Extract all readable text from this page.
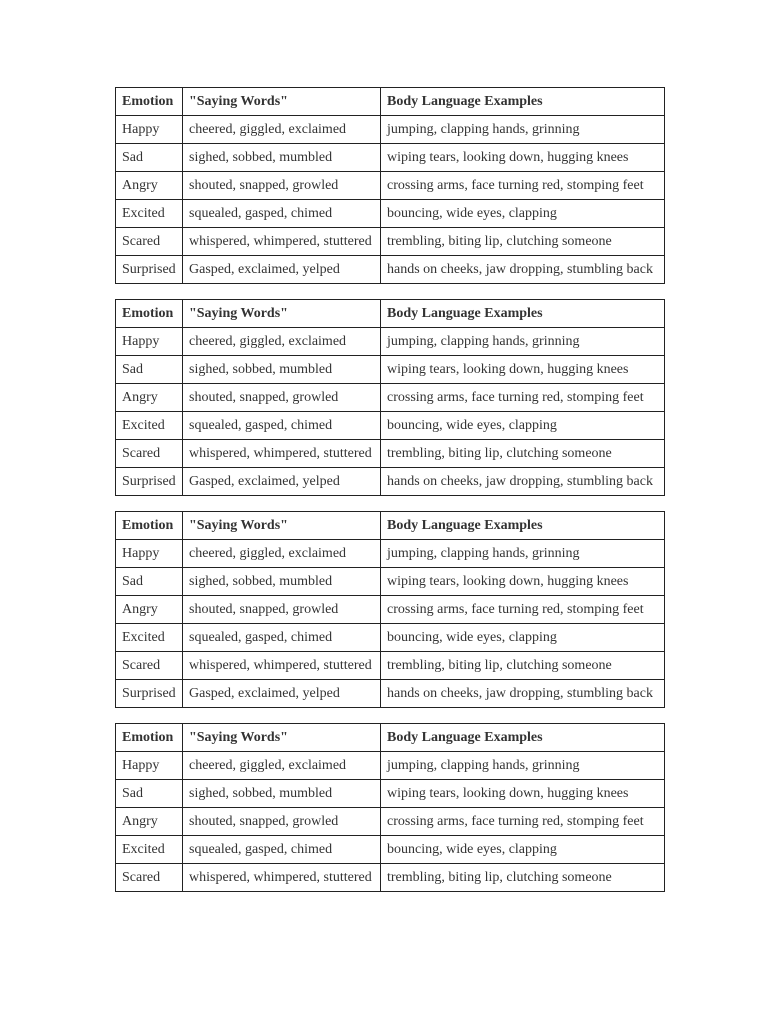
Emotion	"Saying Words"	Body Language Examples
Happy	cheered, giggled, exclaimed	jumping, clapping hands, grinning
Sad	sighed, sobbed, mumbled	wiping tears, looking down, hugging knees
Angry	shouted, snapped, growled	crossing arms, face turning red, stomping feet
Excited	squealed, gasped, chimed	bouncing, wide eyes, clapping
Scared	whispered, whimpered, stuttered	trembling, biting lip, clutching someone
Surprised	Gasped, exclaimed, yelped	hands on cheeks, jaw dropping, stumbling back
Emotion	"Saying Words"	Body Language Examples
Happy	cheered, giggled, exclaimed	jumping, clapping hands, grinning
Sad	sighed, sobbed, mumbled	wiping tears, looking down, hugging knees
Angry	shouted, snapped, growled	crossing arms, face turning red, stomping feet
Excited	squealed, gasped, chimed	bouncing, wide eyes, clapping
Scared	whispered, whimpered, stuttered	trembling, biting lip, clutching someone
Surprised	Gasped, exclaimed, yelped	hands on cheeks, jaw dropping, stumbling back
Emotion	"Saying Words"	Body Language Examples
Happy	cheered, giggled, exclaimed	jumping, clapping hands, grinning
Sad	sighed, sobbed, mumbled	wiping tears, looking down, hugging knees
Angry	shouted, snapped, growled	crossing arms, face turning red, stomping feet
Excited	squealed, gasped, chimed	bouncing, wide eyes, clapping
Scared	whispered, whimpered, stuttered	trembling, biting lip, clutching someone
Surprised	Gasped, exclaimed, yelped	hands on cheeks, jaw dropping, stumbling back
Emotion	"Saying Words"	Body Language Examples
Happy	cheered, giggled, exclaimed	jumping, clapping hands, grinning
Sad	sighed, sobbed, mumbled	wiping tears, looking down, hugging knees
Angry	shouted, snapped, growled	crossing arms, face turning red, stomping feet
Excited	squealed, gasped, chimed	bouncing, wide eyes, clapping
Scared	whispered, whimpered, stuttered	trembling, biting lip, clutching someone
